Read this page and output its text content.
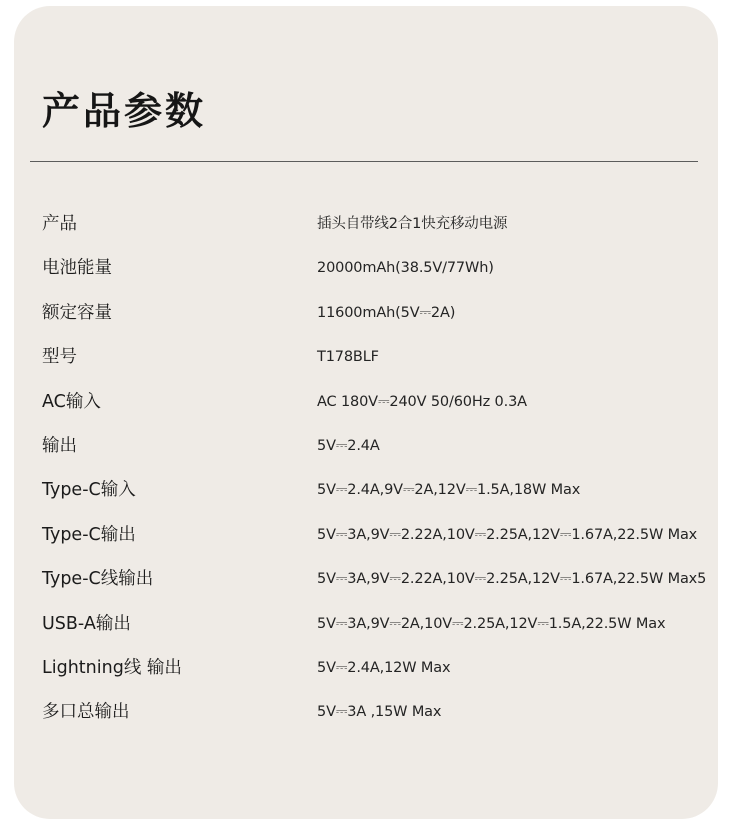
产品参数
产品	插头自带线2合1快充移动电源
电池能量	20000mAh(38.5V/77Wh)
额定容量	11600mAh(5V⎓2A)
型号	T178BLF
AC输入	AC 180V⎓240V 50/60Hz 0.3A
输出	5V⎓2.4A
Type-C输入	5V⎓2.4A,9V⎓2A,12V⎓1.5A,18W Max
Type-C输出	5V⎓3A,9V⎓2.22A,10V⎓2.25A,12V⎓1.67A,22.5W Max
Type-C线输出	5V⎓3A,9V⎓2.22A,10V⎓2.25A,12V⎓1.67A,22.5W Max5
USB-A输出	5V⎓3A,9V⎓2A,10V⎓2.25A,12V⎓1.5A,22.5W Max
Lightning线 输出	5V⎓2.4A,12W Max
多口总输出	5V⎓3A ,15W Max
